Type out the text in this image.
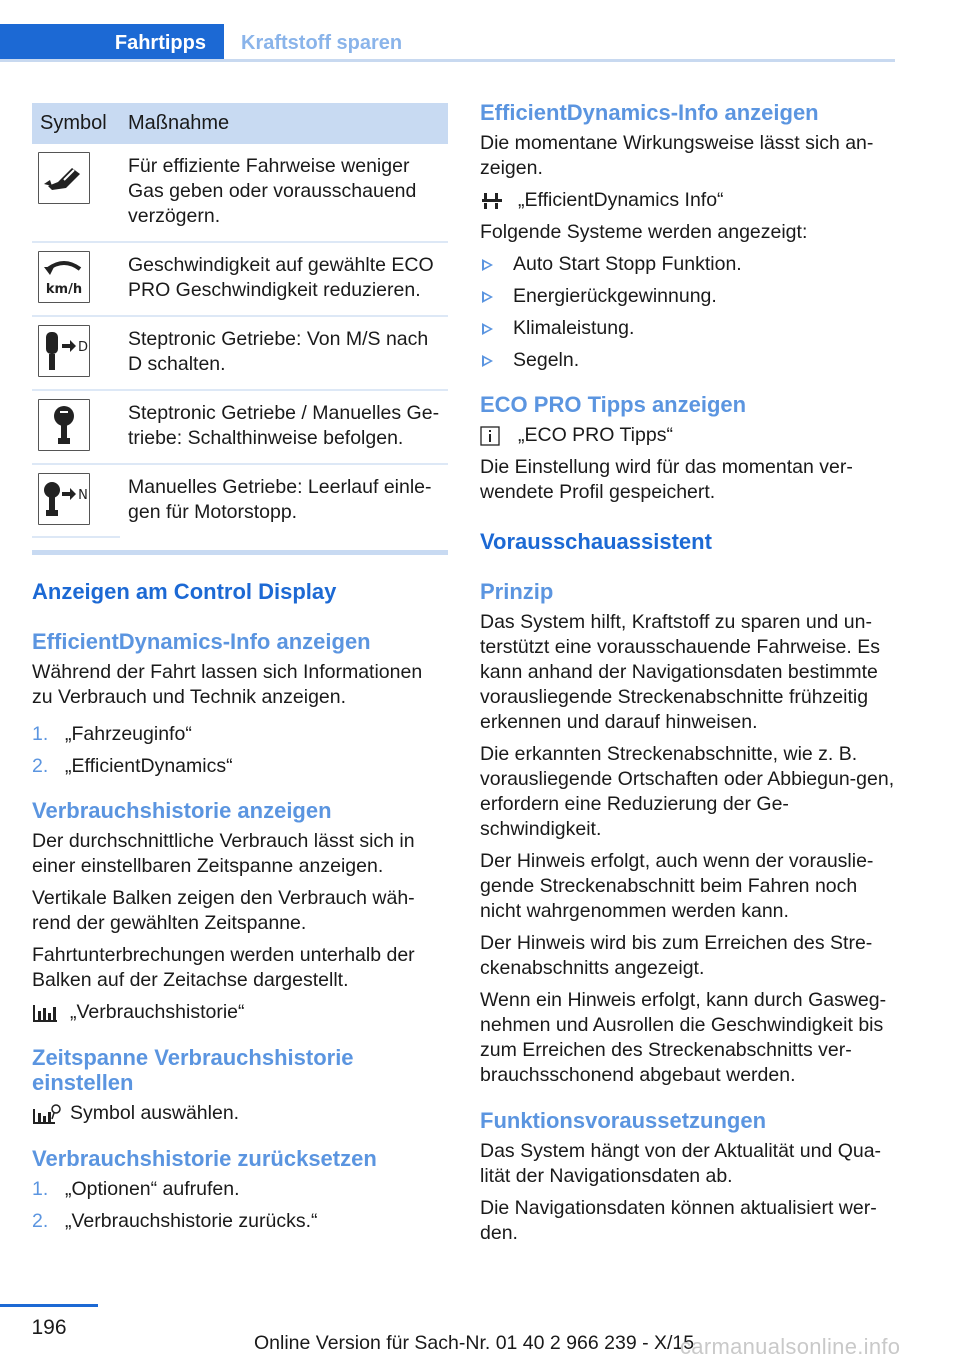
Fahrtipps	Kraftstoff sparen
Symbol	Maßnahme

	Für effiziente Fahrweise weniger Gas geben oder vorausschauend verzögern.

km/h	Geschwindigkeit auf gewählte ECO PRO Geschwindigkeit reduzieren.

D	Steptronic Getriebe: Von M/S nach D schalten.

	Steptronic Getriebe / Manuelles Ge‐triebe: Schalthinweise befolgen.

N	Manuelles Getriebe: Leerlauf einle‐gen für Motorstopp.
Anzeigen am Control Display
EfficientDynamics-Info anzeigen

Während der Fahrt lassen sich Informationen zu Verbrauch und Technik anzeigen.

1. „Fahrzeuginfo“
2. „EfficientDynamics“
Verbrauchshistorie anzeigen

Der durchschnittliche Verbrauch lässt sich in einer einstellbaren Zeitspanne anzeigen.

Vertikale Balken zeigen den Verbrauch wäh‐rend der gewählten Zeitspanne.

Fahrtunterbrechungen werden unterhalb der Balken auf der Zeitachse dargestellt.

„Verbrauchshistorie“
Zeitspanne Verbrauchshistorie einstellen
Symbol auswählen.
Verbrauchshistorie zurücksetzen
1. „Optionen“ aufrufen.
2. „Verbrauchshistorie zurücks.“
EfficientDynamics-Info anzeigen

Die momentane Wirkungsweise lässt sich an‐zeigen.

„EfficientDynamics Info“

Folgende Systeme werden angezeigt:

Auto Start Stopp Funktion.
Energierückgewinnung.
Klimaleistung.
Segeln.
ECO PRO Tipps anzeigen
„ECO PRO Tipps“

Die Einstellung wird für das momentan ver‐wendete Profil gespeichert.

Vorausschauassistent
Prinzip

Das System hilft, Kraftstoff zu sparen und un‐terstützt eine vorausschauende Fahrweise. Es kann anhand der Navigationsdaten bestimmte vorausliegende Streckenabschnitte frühzeitig erkennen und darauf hinweisen.

Die erkannten Streckenabschnitte, wie z. B. vorausliegende Ortschaften oder Abbiegun‐gen, erfordern eine Reduzierung der Ge‐schwindigkeit.

Der Hinweis erfolgt, auch wenn der vorauslie‐gende Streckenabschnitt beim Fahren noch nicht wahrgenommen werden kann.

Der Hinweis wird bis zum Erreichen des Stre‐ckenabschnitts angezeigt.

Wenn ein Hinweis erfolgt, kann durch Gasweg‐nehmen und Ausrollen die Geschwindigkeit bis zum Erreichen des Streckenabschnitts ver‐brauchsschonend abgebaut werden.

Funktionsvoraussetzungen

Das System hängt von der Aktualität und Qua‐lität der Navigationsdaten ab.

Die Navigationsdaten können aktualisiert wer‐den.

196
Online Version für Sach-Nr. 01 40 2 966 239 - X/15
carmanualsonline.info
